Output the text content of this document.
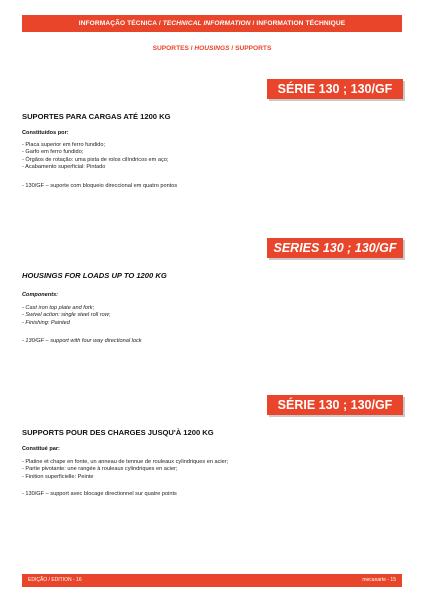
INFORMAÇÃO TÉCNICA / TECHNICAL INFORMATION / INFORMATION TÉCHNIQUE
SUPORTES / HOUSINGS / SUPPORTS
SÉRIE 130 ; 130/GF
SUPORTES PARA CARGAS ATÉ 1200 KG
Constituídos por:
- Placa superior em ferro fundido;
- Garfo em ferro fundido;
- Órgãos de rotação: uma pista de rolos cilíndricos em aço;
- Acabamento superficial: Pintado
- 130/GF – suporte com bloqueio direccional em quatro pontos
SERIES 130 ; 130/GF
HOUSINGS FOR LOADS UP TO 1200 KG
Components:
- Cast iron top plate and fork;
- Swivel action: single steel roll row;
- Finishing: Painted
- 130/GF – support with four way directional lock
SÉRIE 130 ; 130/GF
SUPPORTS POUR DES CHARGES JUSQU'À 1200 KG
Constitué par:
- Platine et chape en fonte, un anneau de tennue de rouleaux cylindriques en acier;
- Partie pivotante: une rangée à rouleaux cylindriques en acier;
- Finition superficielle: Peinte
- 130/GF – support avec blocage directionnel sur quatre points
EDIÇÃO / EDITION - 16	mecanarte - 15
